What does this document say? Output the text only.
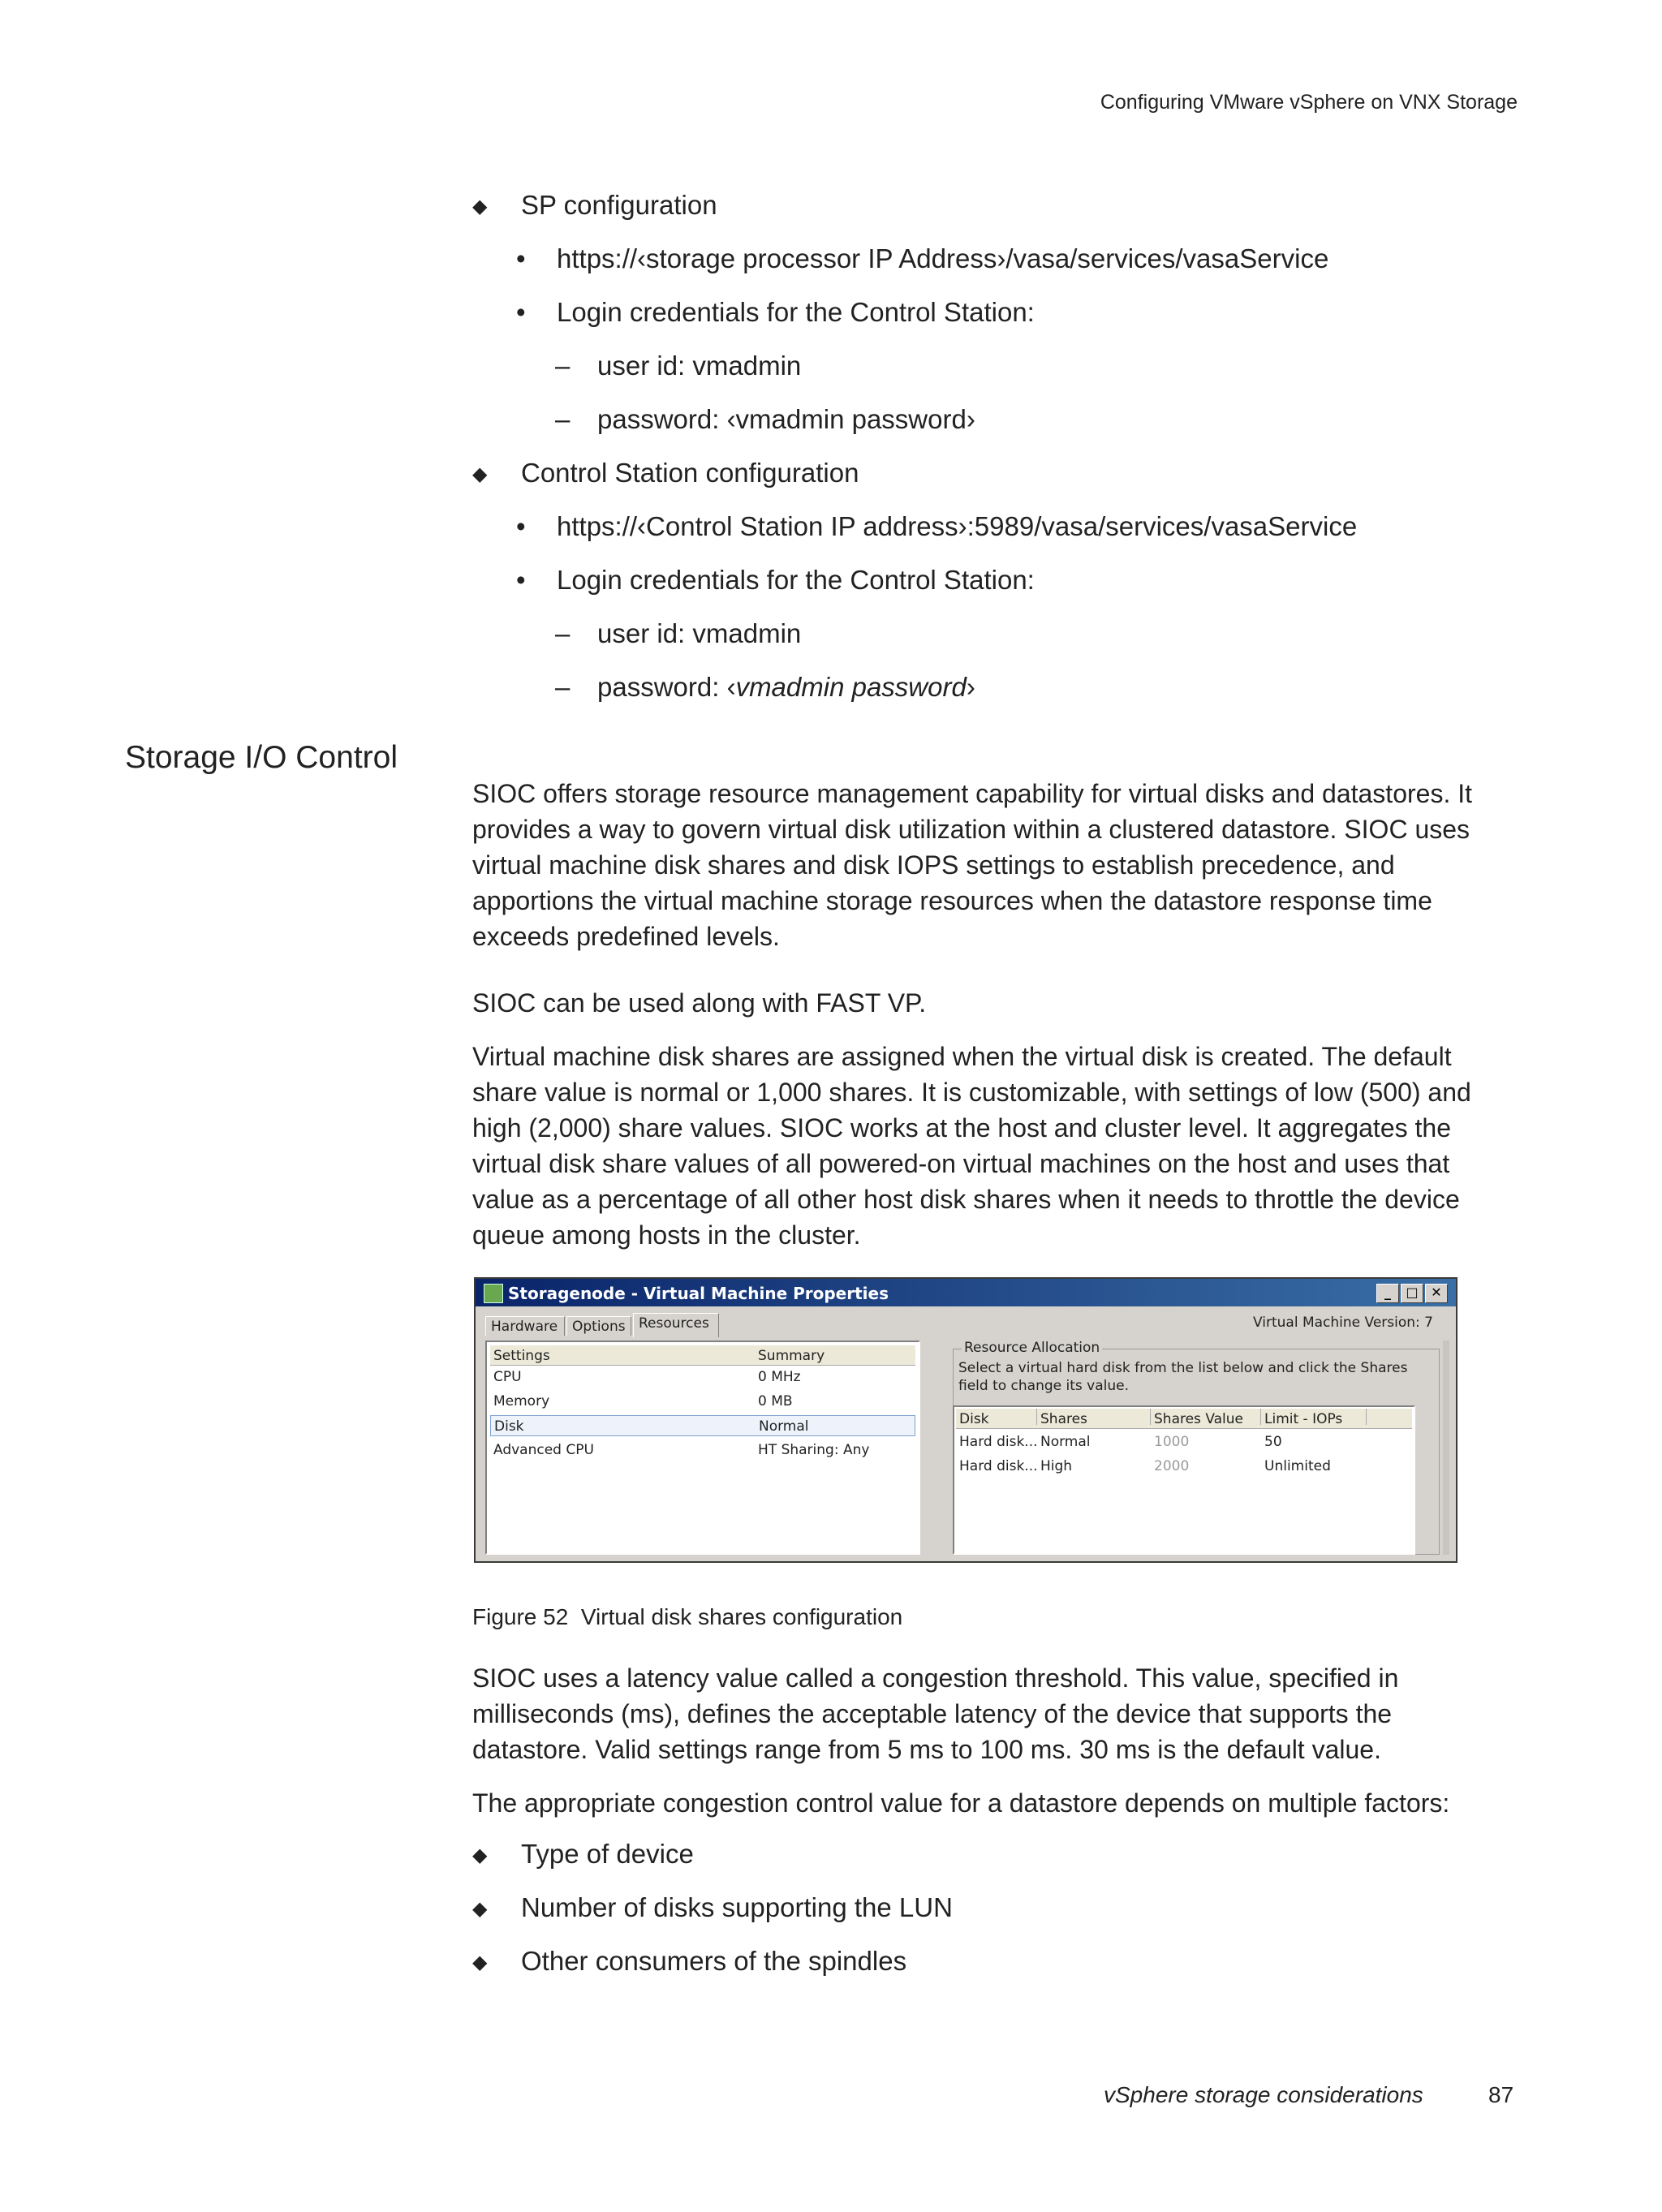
Configuring VMware vSphere on VNX Storage
◆ SP configuration
• https://‹storage processor IP Address›/vasa/services/vasaService
• Login credentials for the Control Station:
– user id: vmadmin
– password: ‹vmadmin password›
◆ Control Station configuration
• https://‹Control Station IP address›:5989/vasa/services/vasaService
• Login credentials for the Control Station:
– user id: vmadmin
– password: ‹vmadmin password›
Storage I/O Control

SIOC offers storage resource management capability for virtual disks and datastores. It provides a way to govern virtual disk utilization within a clustered datastore. SIOC uses virtual machine disk shares and disk IOPS settings to establish precedence, and apportions the virtual machine storage resources when the datastore response time exceeds predefined levels.

SIOC can be used along with FAST VP.

Virtual machine disk shares are assigned when the virtual disk is created. The default share value is normal or 1,000 shares. It is customizable, with settings of low (500) and high (2,000) share values. SIOC works at the host and cluster level. It aggregates the virtual disk share values of all powered-on virtual machines on the host and uses that value as a percentage of all other host disk shares when it needs to throttle the device queue among hosts in the cluster.

Storagenode - Virtual Machine Properties	_	□ ✕
Hardware	Options Resources	Virtual Machine Version: 7
Settings	Summary
CPU	0 MHz
Memory	0 MB
Disk	Normal
Advanced CPU	HT Sharing: Any
Resource Allocation
Select a virtual hard disk from the list below and click the Shares field to change its value.
Disk	Shares	Shares Value	Limit - IOPs
Hard disk... Normal	1000	50
Hard disk... High	2000	Unlimited
Figure 52 Virtual disk shares configuration

SIOC uses a latency value called a congestion threshold. This value, specified in milliseconds (ms), defines the acceptable latency of the device that supports the datastore. Valid settings range from 5 ms to 100 ms. 30 ms is the default value.

The appropriate congestion control value for a datastore depends on multiple factors:

◆ Type of device
◆ Number of disks supporting the LUN
◆ Other consumers of the spindles
vSphere storage considerations	87
